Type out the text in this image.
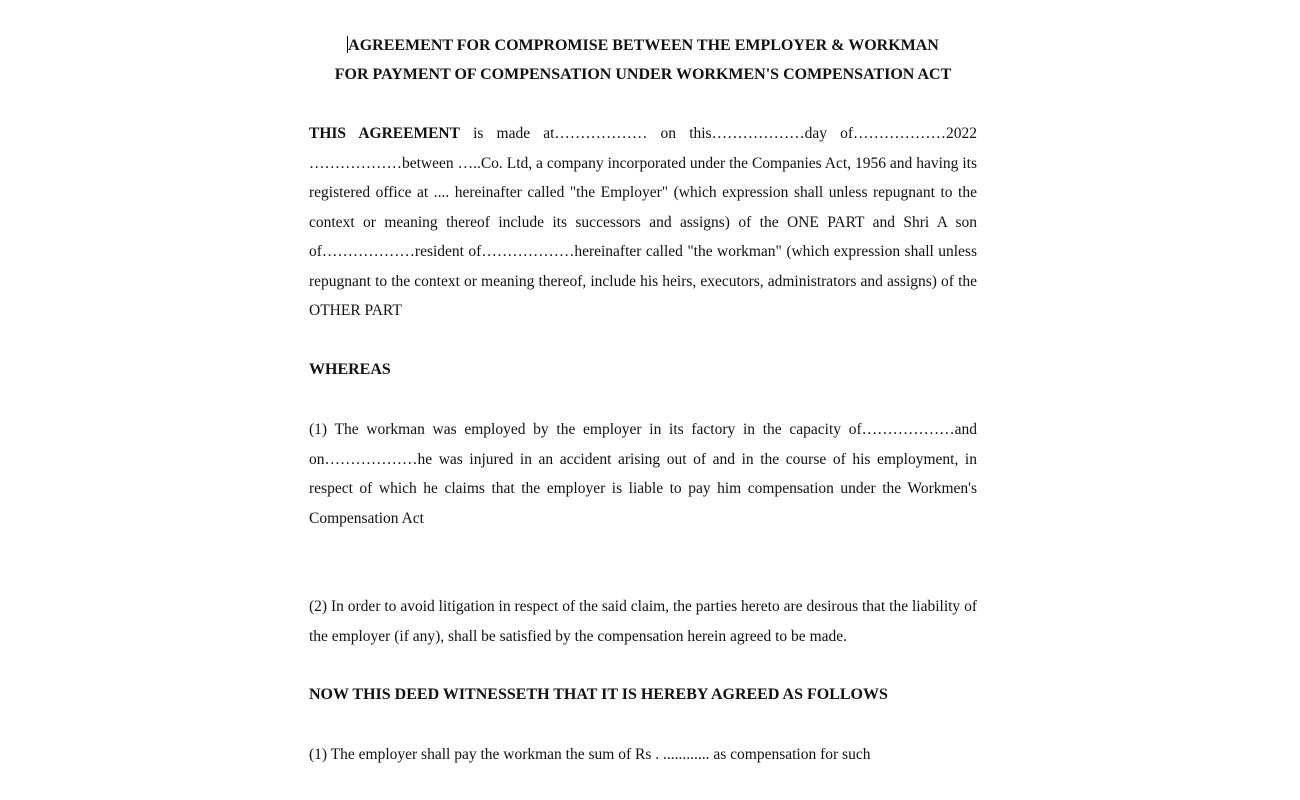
AGREEMENT FOR COMPROMISE BETWEEN THE EMPLOYER & WORKMAN
FOR PAYMENT OF COMPENSATION UNDER WORKMEN'S COMPENSATION ACT

THIS AGREEMENT is made at……………… on this………………day of………………2022 ………………between …..Co. Ltd, a company incorporated under the Companies Act, 1956 and having its registered office at .... hereinafter called "the Employer" (which expression shall unless repugnant to the context or meaning thereof include its successors and assigns) of the ONE PART and Shri A son of………………resident of………………hereinafter called "the workman" (which expression shall unless repugnant to the context or meaning thereof, include his heirs, executors, administrators and assigns) of the OTHER PART

WHEREAS

(1) The workman was employed by the employer in its factory in the capacity of………………and on………………he was injured in an accident arising out of and in the course of his employment, in respect of which he claims that the employer is liable to pay him compensation under the Workmen's Compensation Act

(2) In order to avoid litigation in respect of the said claim, the parties hereto are desirous that the liability of the employer (if any), shall be satisfied by the compensation herein agreed to be made.

NOW THIS DEED WITNESSETH THAT IT IS HEREBY AGREED AS FOLLOWS

(1) The employer shall pay the workman the sum of Rs . ............ as compensation for such
